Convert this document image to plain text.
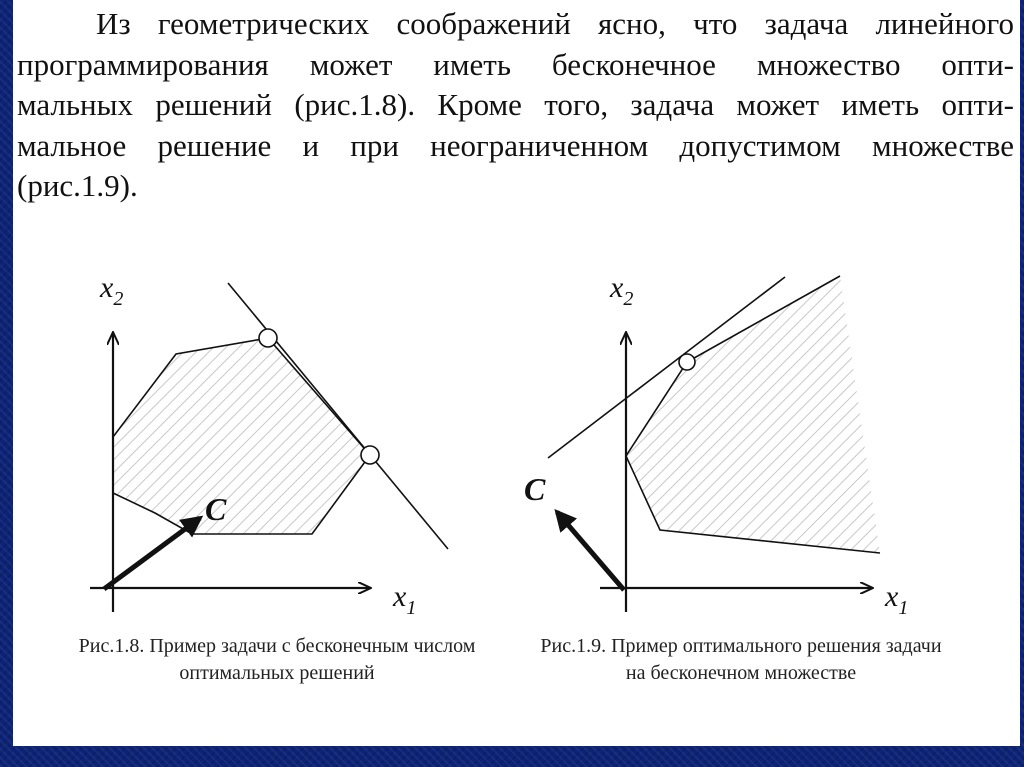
Из геометрических соображений ясно, что задача линейного
программирования может иметь бесконечное множество опти-
мальных решений (рис.1.8). Кроме того, задача может иметь опти-
мальное решение и при неограниченном допустимом множестве
(рис.1.9).

$x_2$
$x_1$
C
$x_2$
$x_1$
C

Рис.1.8. Пример задачи с бесконечным числом оптимальных решений

Рис.1.9. Пример оптимального решения задачи на бесконечном множестве
